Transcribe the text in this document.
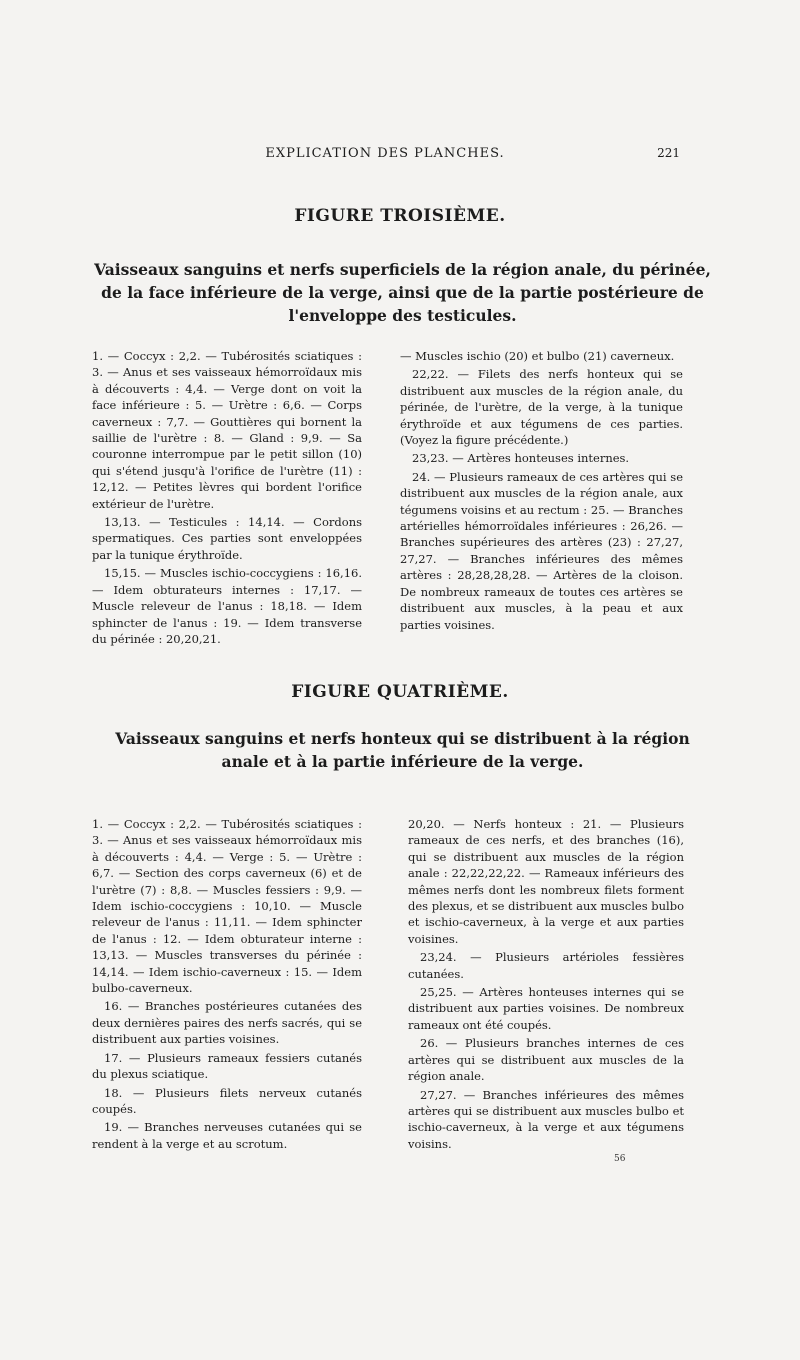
EXPLICATION DES PLANCHES.	221
FIGURE TROISIÈME.
Vaisseaux sanguins et nerfs superficiels de la région anale, du périnée, de la face inférieure de la verge, ainsi que de la partie postérieure de l'enveloppe des testicules.

1. — Coccyx : 2,2. — Tubérosités sciatiques : 3. — Anus et ses vaisseaux hémorroïdaux mis à découverts : 4,4. — Verge dont on voit la face inférieure : 5. — Urètre : 6,6. — Corps caverneux : 7,7. — Gouttières qui bornent la saillie de l'urètre : 8. — Gland : 9,9. — Sa couronne interrompue par le petit sillon (10) qui s'étend jusqu'à l'orifice de l'urètre (11) : 12,12. — Petites lèvres qui bordent l'orifice extérieur de l'urètre.

13,13. — Testicules : 14,14. — Cordons spermatiques. Ces parties sont enveloppées par la tunique érythroïde.

15,15. — Muscles ischio-coccygiens : 16,16. — Idem obturateurs internes : 17,17. — Muscle releveur de l'anus : 18,18. — Idem sphincter de l'anus : 19. — Idem transverse du périnée : 20,20,21.

— Muscles ischio (20) et bulbo (21) caverneux.

22,22. — Filets des nerfs honteux qui se distribuent aux muscles de la région anale, du périnée, de l'urètre, de la verge, à la tunique érythroïde et aux tégumens de ces parties. (Voyez la figure précédente.)

23,23. — Artères honteuses internes.

24. — Plusieurs rameaux de ces artères qui se distribuent aux muscles de la région anale, aux tégumens voisins et au rectum : 25. — Branches artérielles hémorroïdales inférieures : 26,26. — Branches supérieures des artères (23) : 27,27, 27,27. — Branches inférieures des mêmes artères : 28,28,28,28. — Artères de la cloison. De nombreux rameaux de toutes ces artères se distribuent aux muscles, à la peau et aux parties voisines.

FIGURE QUATRIÈME.
Vaisseaux sanguins et nerfs honteux qui se distribuent à la région anale et à la partie inférieure de la verge.

1. — Coccyx : 2,2. — Tubérosités sciatiques : 3. — Anus et ses vaisseaux hémorroïdaux mis à découverts : 4,4. — Verge : 5. — Urètre : 6,7. — Section des corps caverneux (6) et de l'urètre (7) : 8,8. — Muscles fessiers : 9,9. — Idem ischio-coccygiens : 10,10. — Muscle releveur de l'anus : 11,11. — Idem sphincter de l'anus : 12. — Idem obturateur interne : 13,13. — Muscles transverses du périnée : 14,14. — Idem ischio-caverneux : 15. — Idem bulbo-caverneux.

16. — Branches postérieures cutanées des deux dernières paires des nerfs sacrés, qui se distribuent aux parties voisines.

17. — Plusieurs rameaux fessiers cutanés du plexus sciatique.

18. — Plusieurs filets nerveux cutanés coupés.

19. — Branches nerveuses cutanées qui se rendent à la verge et au scrotum.

20,20. — Nerfs honteux : 21. — Plusieurs rameaux de ces nerfs, et des branches (16), qui se distribuent aux muscles de la région anale : 22,22,22,22. — Rameaux inférieurs des mêmes nerfs dont les nombreux filets forment des plexus, et se distribuent aux muscles bulbo et ischio-caverneux, à la verge et aux parties voisines.

23,24. — Plusieurs artérioles fessières cutanées.

25,25. — Artères honteuses internes qui se distribuent aux parties voisines. De nombreux rameaux ont été coupés.

26. — Plusieurs branches internes de ces artères qui se distribuent aux muscles de la région anale.

27,27. — Branches inférieures des mêmes artères qui se distribuent aux muscles bulbo et ischio-caverneux, à la verge et aux tégumens voisins.

56
